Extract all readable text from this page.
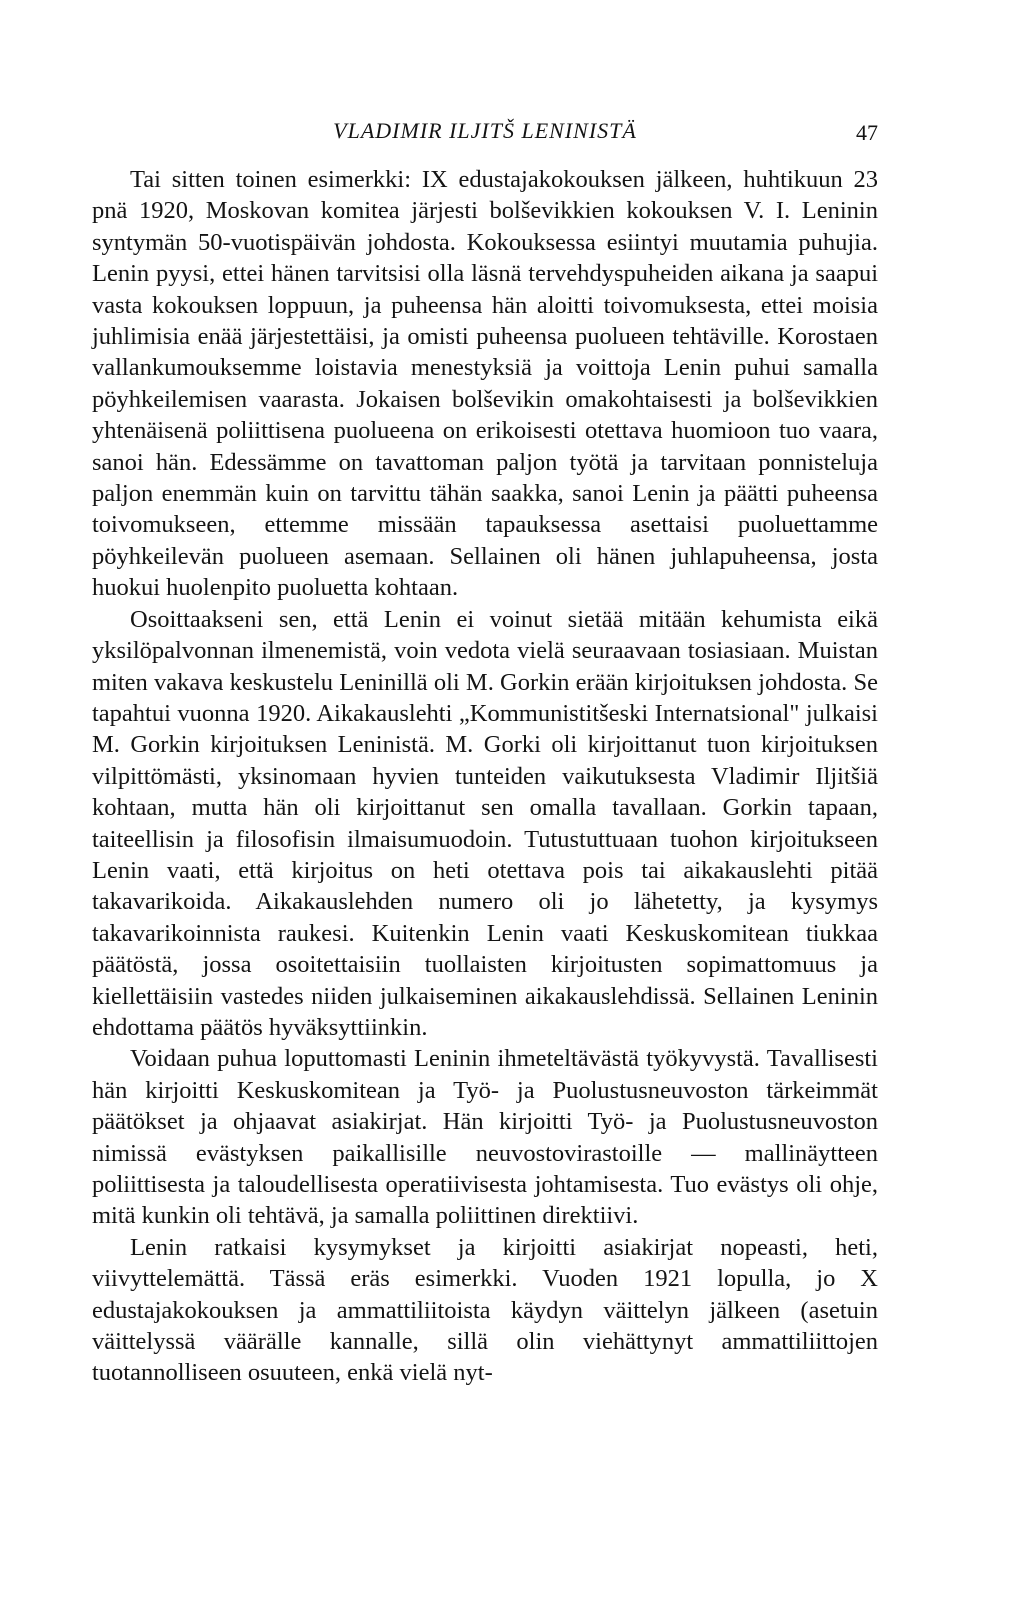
VLADIMIR ILJITŠ LENINISTÄ	47

Tai sitten toinen esimerkki: IX edustajakokouksen jälkeen, huhtikuun 23 pnä 1920, Moskovan komitea järjesti bolševikkien kokouksen V. I. Leninin syntymän 50-vuotispäivän johdosta. Kokouksessa esiintyi muutamia puhujia. Lenin pyysi, ettei hänen tarvitsisi olla läsnä tervehdyspuheiden aikana ja saapui vasta kokouksen loppuun, ja puheensa hän aloitti toivomuksesta, ettei moisia juhlimisia enää järjestettäisi, ja omisti puheensa puolueen tehtäville. Korostaen vallankumouksemme loistavia menestyksiä ja voittoja Lenin puhui samalla pöyhkeilemisen vaarasta. Jokaisen bolševikin omakohtaisesti ja bolševikkien yhtenäisenä poliittisena puolueena on erikoisesti otettava huomioon tuo vaara, sanoi hän. Edessämme on tavattoman paljon työtä ja tarvitaan ponnisteluja paljon enemmän kuin on tarvittu tähän saakka, sanoi Lenin ja päätti puheensa toivomukseen, ettemme missään tapauksessa asettaisi puoluettamme pöyhkeilevän puolueen asemaan. Sellainen oli hänen juhlapuheensa, josta huokui huolenpito puoluetta kohtaan.

Osoittaakseni sen, että Lenin ei voinut sietää mitään kehumista eikä yksilöpalvonnan ilmenemistä, voin vedota vielä seuraavaan tosiasiaan. Muistan miten vakava keskustelu Leninillä oli M. Gorkin erään kirjoituksen johdosta. Se tapahtui vuonna 1920. Aikakauslehti „Kommunistitšeski Internatsional" julkaisi M. Gorkin kirjoituksen Leninistä. M. Gorki oli kirjoittanut tuon kirjoituksen vilpittömästi, yksinomaan hyvien tunteiden vaikutuksesta Vladimir Iljitšiä kohtaan, mutta hän oli kirjoittanut sen omalla tavallaan. Gorkin tapaan, taiteellisin ja filosofisin ilmaisumuodoin. Tutustuttuaan tuohon kirjoitukseen Lenin vaati, että kirjoitus on heti otettava pois tai aikakauslehti pitää takavarikoida. Aikakauslehden numero oli jo lähetetty, ja kysymys takavarikoinnista raukesi. Kuitenkin Lenin vaati Keskuskomitean tiukkaa päätöstä, jossa osoitettaisiin tuollaisten kirjoitusten sopimattomuus ja kiellettäisiin vastedes niiden julkaiseminen aikakauslehdissä. Sellainen Leninin ehdottama päätös hyväksyttiinkin.

Voidaan puhua loputtomasti Leninin ihmeteltävästä työkyvystä. Tavallisesti hän kirjoitti Keskuskomitean ja Työ- ja Puolustusneuvoston tärkeimmät päätökset ja ohjaavat asiakirjat. Hän kirjoitti Työ- ja Puolustusneuvoston nimissä evästyksen paikallisille neuvostovirastoille — mallinäytteen poliittisesta ja taloudellisesta operatiivisesta johtamisesta. Tuo evästys oli ohje, mitä kunkin oli tehtävä, ja samalla poliittinen direktiivi.

Lenin ratkaisi kysymykset ja kirjoitti asiakirjat nopeasti, heti, viivyttelemättä. Tässä eräs esimerkki. Vuoden 1921 lopulla, jo X edustajakokouksen ja ammattiliitoista käydyn väittelyn jälkeen (asetuin väittelyssä väärälle kannalle, sillä olin viehättynyt ammattiliittojen tuotannolliseen osuuteen, enkä vielä nyt-
